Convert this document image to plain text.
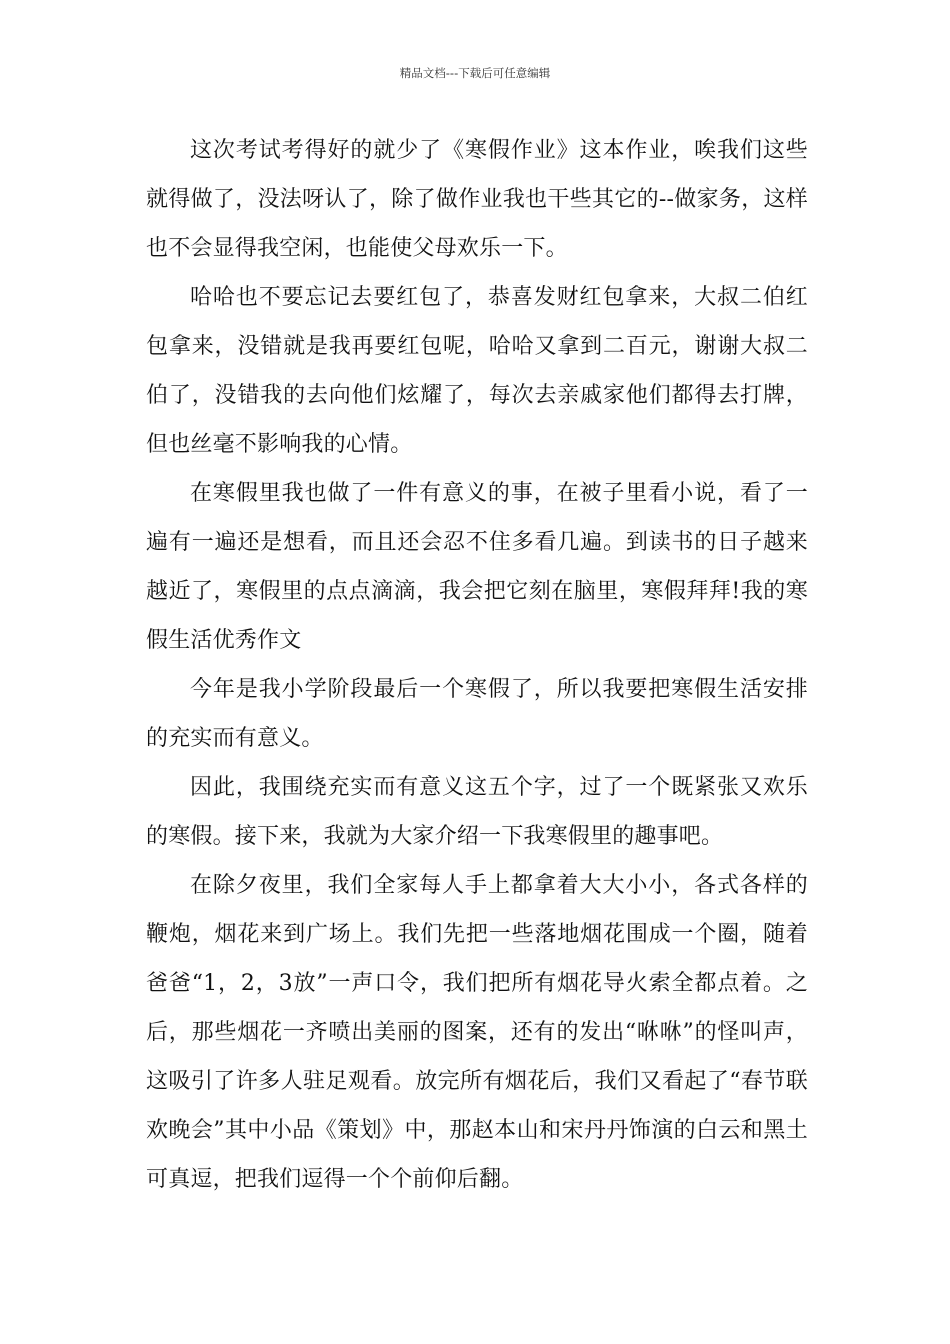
精品文档---下载后可任意编辑

这次考试考得好的就少了《寒假作业》这本作业，唉我们这些就得做了，没法呀认了，除了做作业我也干些其它的--做家务，这样也不会显得我空闲，也能使父母欢乐一下。

哈哈也不要忘记去要红包了，恭喜发财红包拿来，大叔二伯红包拿来，没错就是我再要红包呢，哈哈又拿到二百元，谢谢大叔二伯了，没错我的去向他们炫耀了，每次去亲戚家他们都得去打牌，但也丝毫不影响我的心情。

在寒假里我也做了一件有意义的事，在被子里看小说，看了一遍有一遍还是想看，而且还会忍不住多看几遍。到读书的日子越来越近了，寒假里的点点滴滴，我会把它刻在脑里，寒假拜拜!我的寒假生活优秀作文

今年是我小学阶段最后一个寒假了，所以我要把寒假生活安排的充实而有意义。

因此，我围绕充实而有意义这五个字，过了一个既紧张又欢乐的寒假。接下来，我就为大家介绍一下我寒假里的趣事吧。

在除夕夜里，我们全家每人手上都拿着大大小小，各式各样的鞭炮，烟花来到广场上。我们先把一些落地烟花围成一个圈，随着爸爸“1，2，3放”一声口令，我们把所有烟花导火索全都点着。之后，那些烟花一齐喷出美丽的图案，还有的发出“咻咻”的怪叫声，这吸引了许多人驻足观看。放完所有烟花后，我们又看起了“春节联欢晚会”其中小品《策划》中，那赵本山和宋丹丹饰演的白云和黑土可真逗，把我们逗得一个个前仰后翻。
